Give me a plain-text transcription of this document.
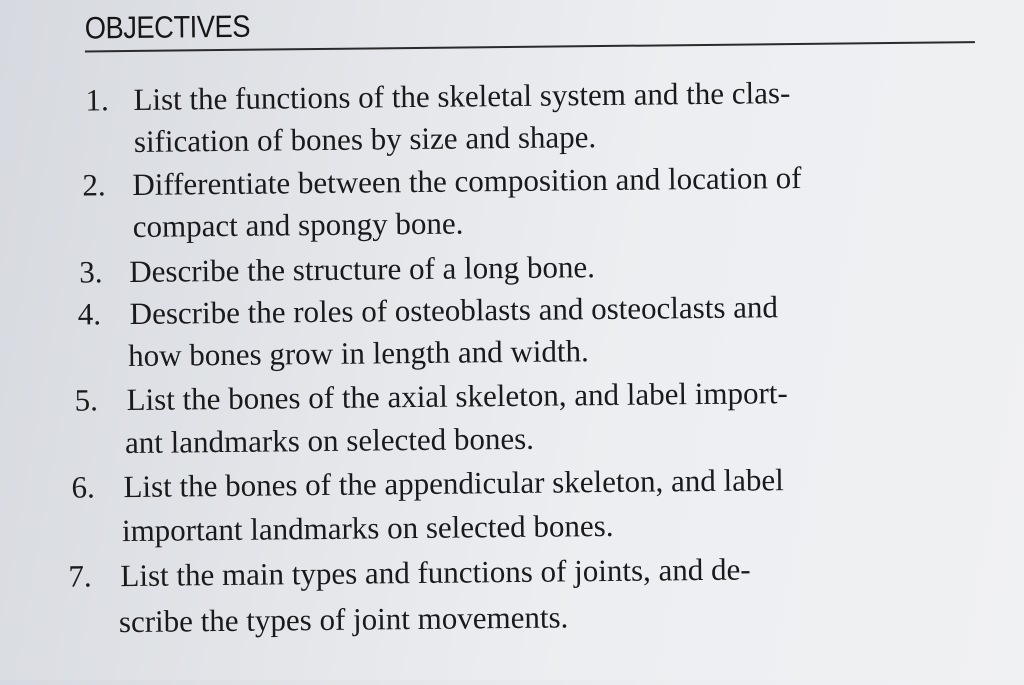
OBJECTIVES
1. List the functions of the skeletal system and the clas-
sification of bones by size and shape.
2. Differentiate between the composition and location of
compact and spongy bone.
3. Describe the structure of a long bone.
4. Describe the roles of osteoblasts and osteoclasts and
how bones grow in length and width.
5. List the bones of the axial skeleton, and label import-
ant landmarks on selected bones.
6. List the bones of the appendicular skeleton, and label
important landmarks on selected bones.
7. List the main types and functions of joints, and de-
scribe the types of joint movements.
